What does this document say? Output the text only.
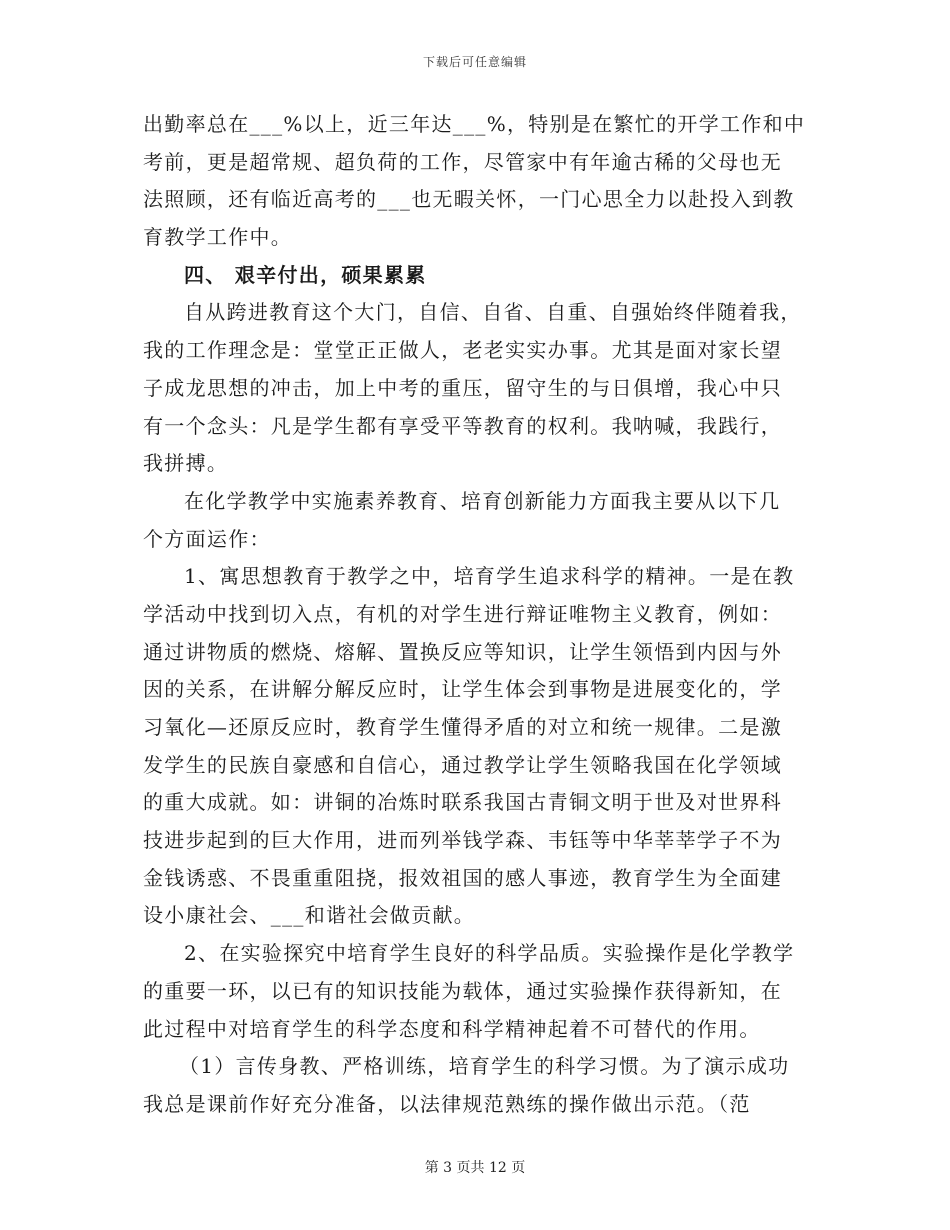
下载后可任意编辑
出勤率总在___%以上，近三年达___%，特别是在繁忙的开学工作和中
考前，更是超常规、超负荷的工作，尽管家中有年逾古稀的父母也无
法照顾，还有临近高考的___也无暇关怀，一门心思全力以赴投入到教
育教学工作中。
四、 艰辛付出，硕果累累
自从跨进教育这个大门，自信、自省、自重、自强始终伴随着我，
我的工作理念是：堂堂正正做人，老老实实办事。尤其是面对家长望
子成龙思想的冲击，加上中考的重压，留守生的与日俱增，我心中只
有一个念头：凡是学生都有享受平等教育的权利。我呐喊，我践行，
我拼搏。
在化学教学中实施素养教育、培育创新能力方面我主要从以下几
个方面运作：
1、寓思想教育于教学之中，培育学生追求科学的精神。一是在教
学活动中找到切入点，有机的对学生进行辩证唯物主义教育，例如：
通过讲物质的燃烧、熔解、置换反应等知识，让学生领悟到内因与外
因的关系，在讲解分解反应时，让学生体会到事物是进展变化的，学
习氧化—还原反应时，教育学生懂得矛盾的对立和统一规律。二是激
发学生的民族自豪感和自信心，通过教学让学生领略我国在化学领域
的重大成就。如：讲铜的冶炼时联系我国古青铜文明于世及对世界科
技进步起到的巨大作用，进而列举钱学森、韦钰等中华莘莘学子不为
金钱诱惑、不畏重重阻挠，报效祖国的感人事迹，教育学生为全面建
设小康社会、___和谐社会做贡献。
2、在实验探究中培育学生良好的科学品质。实验操作是化学教学
的重要一环，以已有的知识技能为载体，通过实验操作获得新知，在
此过程中对培育学生的科学态度和科学精神起着不可替代的作用。
（1）言传身教、严格训练，培育学生的科学习惯。为了演示成功
我总是课前作好充分准备，以法律规范熟练的操作做出示范。（范
第 3 页共 12 页
